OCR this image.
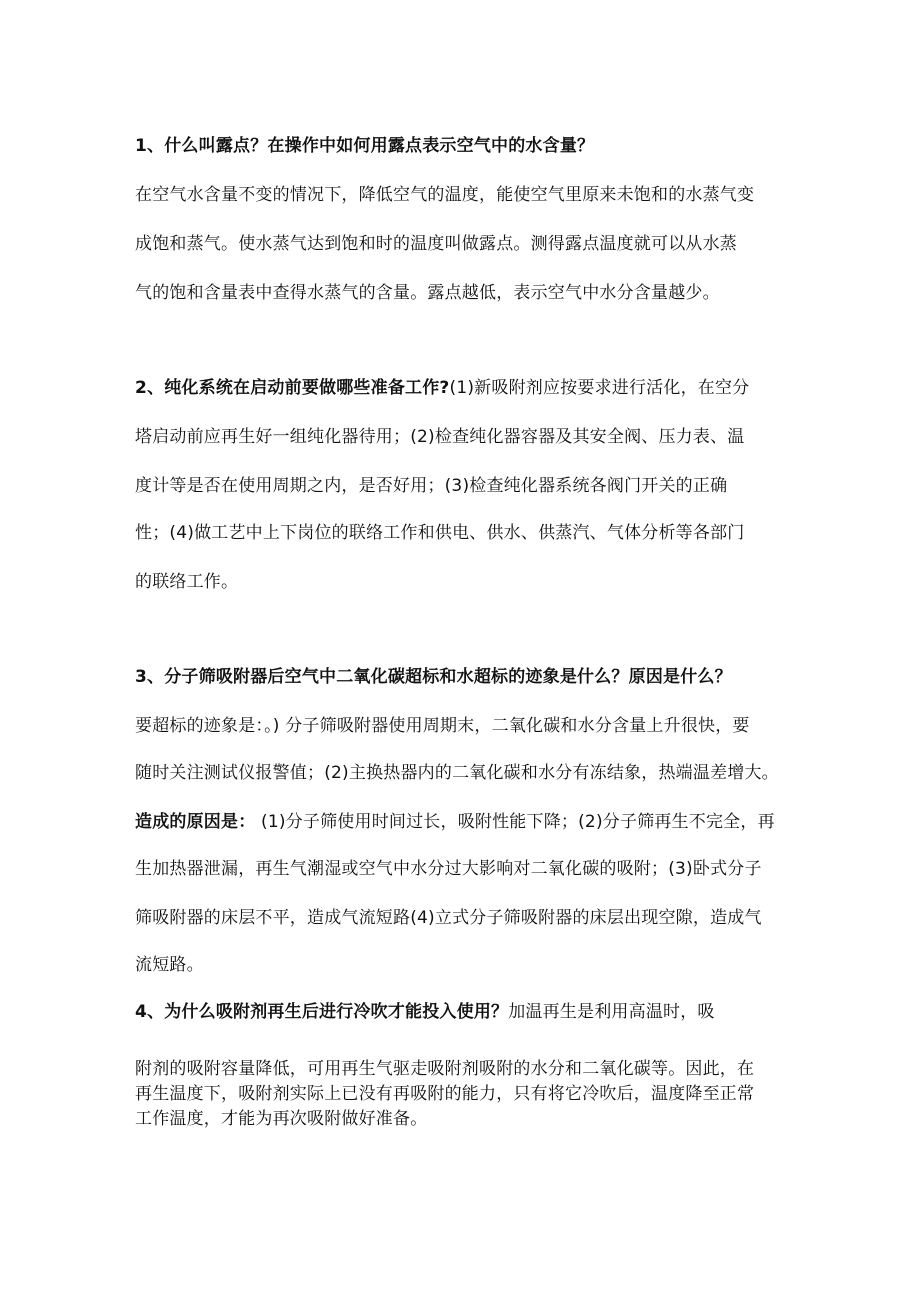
1、什么叫露点？在操作中如何用露点表示空气中的水含量？
在空气水含量不变的情况下，降低空气的温度，能使空气里原来未饱和的水蒸气变
成饱和蒸气。使水蒸气达到饱和时的温度叫做露点。测得露点温度就可以从水蒸
气的饱和含量表中查得水蒸气的含量。露点越低，表示空气中水分含量越少。
2、纯化系统在启动前要做哪些准备工作?(1)新吸附剂应按要求进行活化，在空分
塔启动前应再生好一组纯化器待用；(2)检查纯化器容器及其安全阀、压力表、温
度计等是否在使用周期之内，是否好用；(3)检查纯化器系统各阀门开关的正确
性；(4)做工艺中上下岗位的联络工作和供电、供水、供蒸汽、气体分析等各部门
的联络工作。
3、分子筛吸附器后空气中二氧化碳超标和水超标的迹象是什么？原因是什么？
要超标的迹象是：。) 分子筛吸附器使用周期末，二氧化碳和水分含量上升很快，要
随时关注测试仪报警值；(2)主换热器内的二氧化碳和水分有冻结象，热端温差增大。
造成的原因是： (1)分子筛使用时间过长，吸附性能下降；(2)分子筛再生不完全，再
生加热器泄漏，再生气潮湿或空气中水分过大影响对二氧化碳的吸附；(3)卧式分子
筛吸附器的床层不平，造成气流短路(4)立式分子筛吸附器的床层出现空隙，造成气
流短路。
4、为什么吸附剂再生后进行冷吹才能投入使用？加温再生是利用高温时，吸
附剂的吸附容量降低，可用再生气驱走吸附剂吸附的水分和二氧化碳等。因此，在
再生温度下，吸附剂实际上已没有再吸附的能力，只有将它冷吹后，温度降至正常
工作温度，才能为再次吸附做好准备。
